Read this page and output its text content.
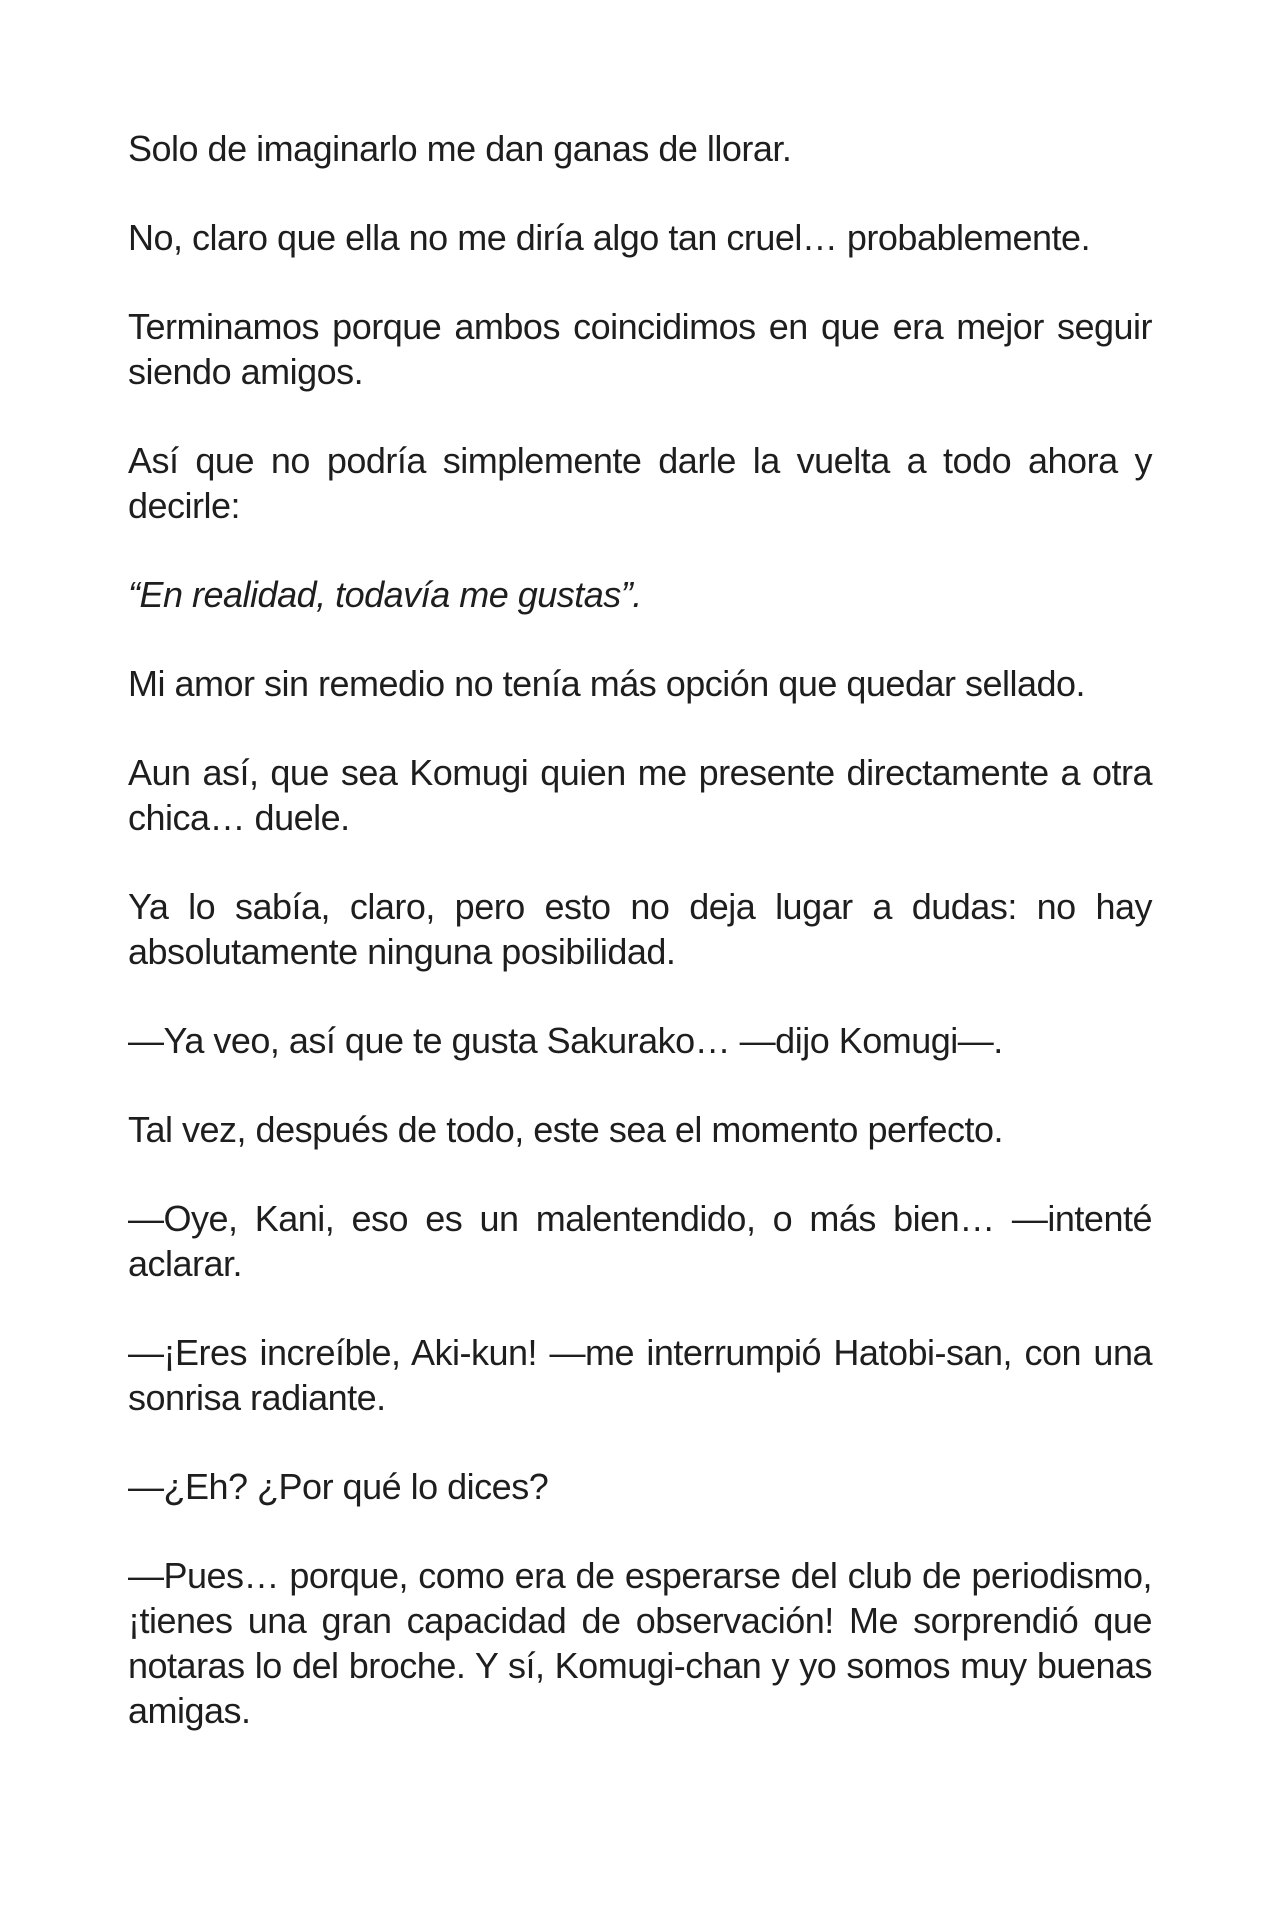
Solo de imaginarlo me dan ganas de llorar.

No, claro que ella no me diría algo tan cruel… probablemente.

Terminamos porque ambos coincidimos en que era mejor seguir siendo amigos.

Así que no podría simplemente darle la vuelta a todo ahora y decirle:

“En realidad, todavía me gustas”.

Mi amor sin remedio no tenía más opción que quedar sellado.

Aun así, que sea Komugi quien me presente directamente a otra chica… duele.

Ya lo sabía, claro, pero esto no deja lugar a dudas: no hay absolutamente ninguna posibilidad.

—Ya veo, así que te gusta Sakurako… —dijo Komugi—.

Tal vez, después de todo, este sea el momento perfecto.

—Oye, Kani, eso es un malentendido, o más bien… —intenté aclarar.

—¡Eres increíble, Aki-kun! —me interrumpió Hatobi-san, con una sonrisa radiante.

—¿Eh? ¿Por qué lo dices?

—Pues… porque, como era de esperarse del club de periodismo, ¡tienes una gran capacidad de observación! Me sorprendió que notaras lo del broche. Y sí, Komugi-chan y yo somos muy buenas amigas.
